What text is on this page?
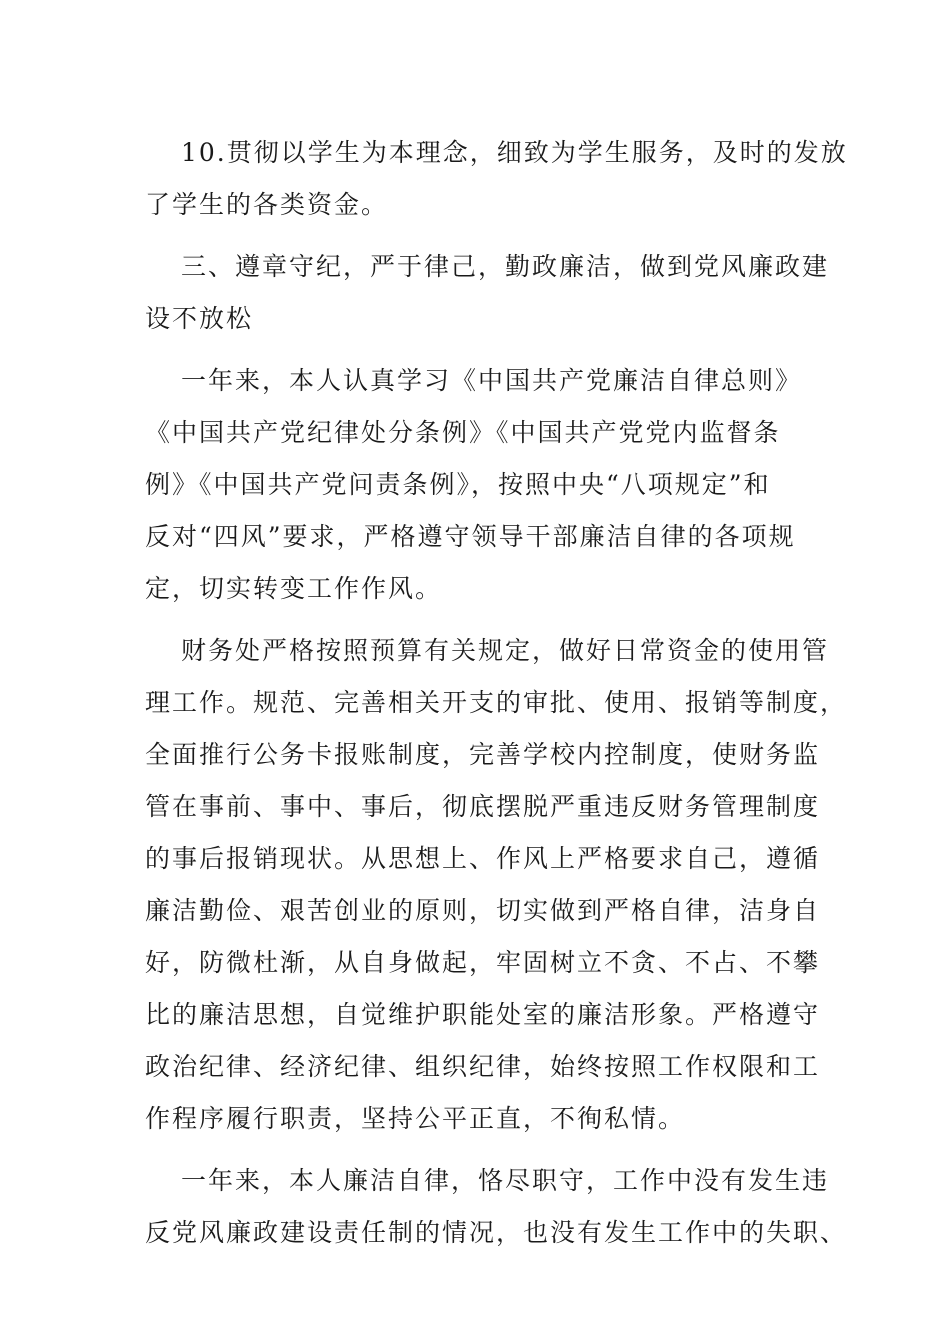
10.贯彻以学生为本理念，细致为学生服务，及时的发放
了学生的各类资金。

三、遵章守纪，严于律己，勤政廉洁，做到党风廉政建
设不放松

一年来，本人认真学习《中国共产党廉洁自律总则》
《中国共产党纪律处分条例》《中国共产党党内监督条
例》《中国共产党问责条例》，按照中央“八项规定”和
反对“四风”要求，严格遵守领导干部廉洁自律的各项规
定，切实转变工作作风。

财务处严格按照预算有关规定，做好日常资金的使用管
理工作。规范、完善相关开支的审批、使用、报销等制度，
全面推行公务卡报账制度，完善学校内控制度，使财务监
管在事前、事中、事后，彻底摆脱严重违反财务管理制度
的事后报销现状。从思想上、作风上严格要求自己，遵循
廉洁勤俭、艰苦创业的原则，切实做到严格自律，洁身自
好，防微杜渐，从自身做起，牢固树立不贪、不占、不攀
比的廉洁思想，自觉维护职能处室的廉洁形象。严格遵守
政治纪律、经济纪律、组织纪律，始终按照工作权限和工
作程序履行职责，坚持公平正直，不徇私情。

一年来，本人廉洁自律，恪尽职守，工作中没有发生违
反党风廉政建设责任制的情况，也没有发生工作中的失职、
